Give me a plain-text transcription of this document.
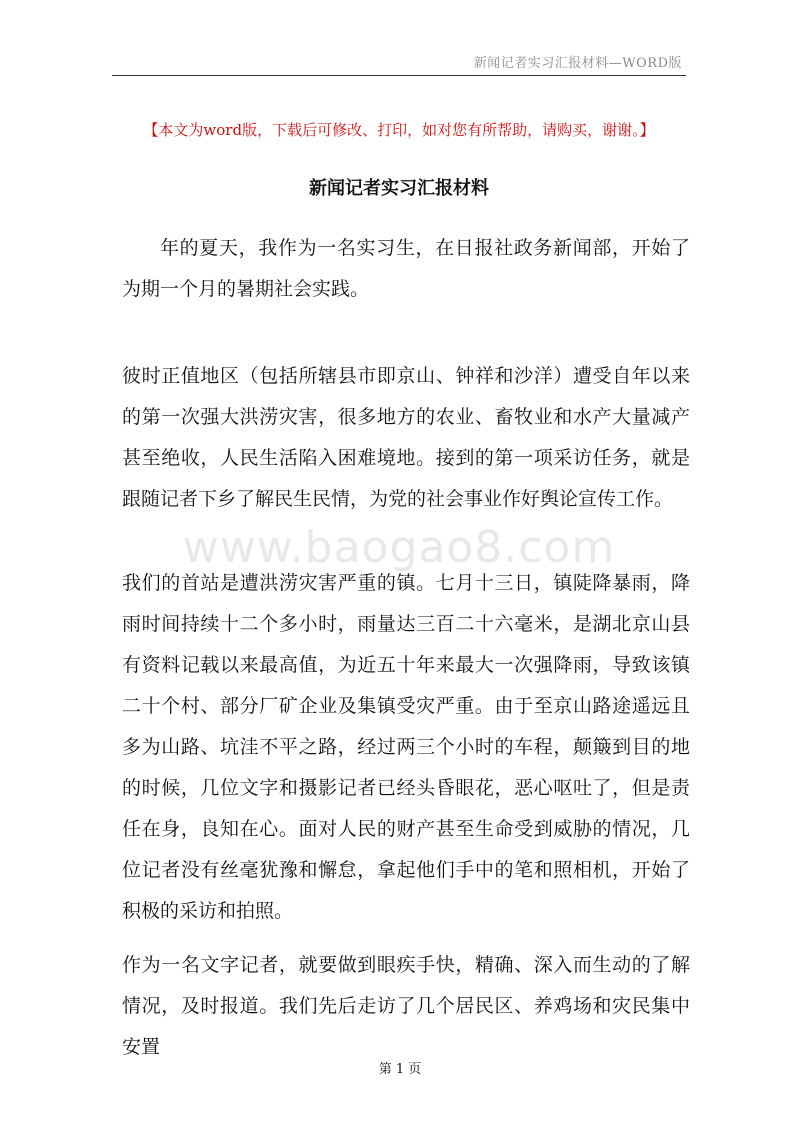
新闻记者实习汇报材料—WORD版
【本文为word版，下载后可修改、打印，如对您有所帮助，请购买，谢谢。】
新闻记者实习汇报材料
www.baogao8.com

年的夏天，我作为一名实习生，在日报社政务新闻部，开始了为期一个月的暑期社会实践。

彼时正值地区（包括所辖县市即京山、钟祥和沙洋）遭受自年以来的第一次强大洪涝灾害，很多地方的农业、畜牧业和水产大量减产甚至绝收，人民生活陷入困难境地。接到的第一项采访任务，就是跟随记者下乡了解民生民情，为党的社会事业作好舆论宣传工作。

我们的首站是遭洪涝灾害严重的镇。七月十三日，镇陡降暴雨，降雨时间持续十二个多小时，雨量达三百二十六毫米，是湖北京山县有资料记载以来最高值，为近五十年来最大一次强降雨，导致该镇二十个村、部分厂矿企业及集镇受灾严重。由于至京山路途遥远且多为山路、坑洼不平之路，经过两三个小时的车程，颠簸到目的地的时候，几位文字和摄影记者已经头昏眼花，恶心呕吐了，但是责任在身，良知在心。面对人民的财产甚至生命受到威胁的情况，几位记者没有丝毫犹豫和懈怠，拿起他们手中的笔和照相机，开始了积极的采访和拍照。

作为一名文字记者，就要做到眼疾手快，精确、深入而生动的了解情况，及时报道。我们先后走访了几个居民区、养鸡场和灾民集中安置

第 1 页
